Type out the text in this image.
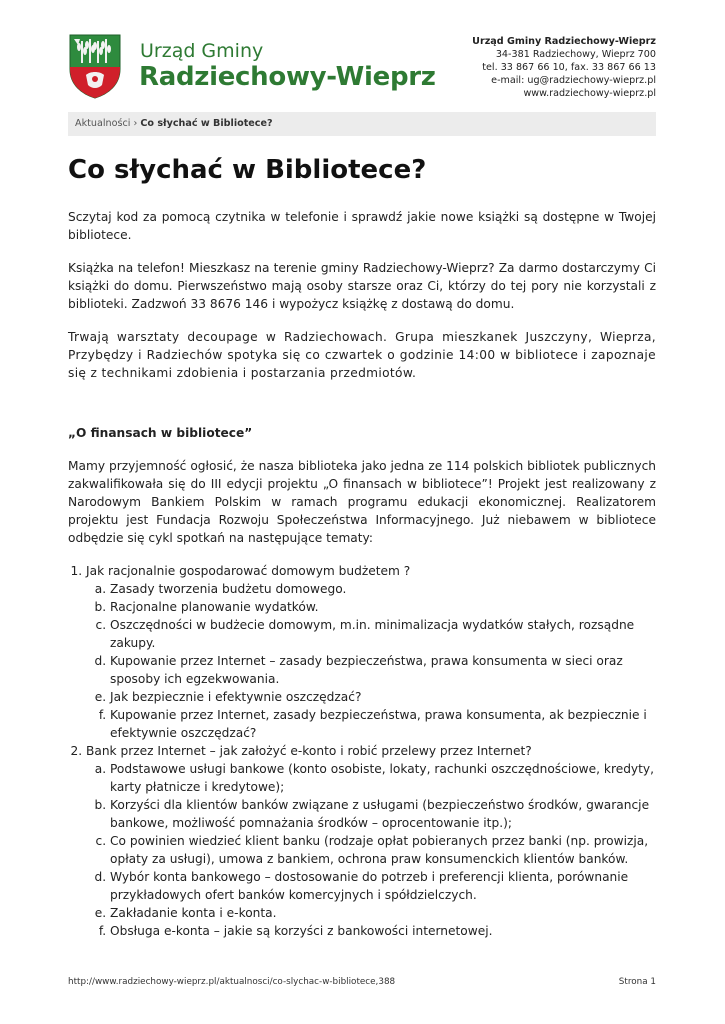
Urząd Gminy
Radziechowy-Wieprz
Urząd Gminy Radziechowy-Wieprz
34-381 Radziechowy, Wieprz 700
tel. 33 867 66 10, fax. 33 867 66 13
e-mail: ug@radziechowy-wieprz.pl
www.radziechowy-wieprz.pl
Aktualności › Co słychać w Bibliotece?
Co słychać w Bibliotece?

Sczytaj kod za pomocą czytnika w telefonie i sprawdź jakie nowe książki są dostępne w Twojej bibliotece.

Książka na telefon! Mieszkasz na terenie gminy Radziechowy-Wieprz? Za darmo dostarczymy Ci książki do domu. Pierwszeństwo mają osoby starsze oraz Ci, którzy do tej pory nie korzystali z biblioteki. Zadzwoń 33 8676 146 i wypożycz książkę z dostawą do domu.

Trwają warsztaty decoupage w Radziechowach. Grupa mieszkanek Juszczyny, Wieprza, Przybędzy i Radziechów spotyka się co czwartek o godzinie 14:00 w bibliotece i zapoznaje się z technikami zdobienia i postarzania przedmiotów.

„O finansach w bibliotece”

Mamy przyjemność ogłosić, że nasza biblioteka jako jedna ze 114 polskich bibliotek publicznych zakwalifikowała się do III edycji projektu „O finansach w bibliotece”! Projekt jest realizowany z Narodowym Bankiem Polskim w ramach programu edukacji ekonomicznej. Realizatorem projektu jest Fundacja Rozwoju Społeczeństwa Informacyjnego. Już niebawem w bibliotece odbędzie się cykl spotkań na następujące tematy:

1. Jak racjonalnie gospodarować domowym budżetem ?
a. Zasady tworzenia budżetu domowego.
b. Racjonalne planowanie wydatków.
c. Oszczędności w budżecie domowym, m.in. minimalizacja wydatków stałych, rozsądne zakupy.
d. Kupowanie przez Internet – zasady bezpieczeństwa, prawa konsumenta w sieci oraz sposoby ich egzekwowania.
e. Jak bezpiecznie i efektywnie oszczędzać?
f. Kupowanie przez Internet, zasady bezpieczeństwa, prawa konsumenta, ak bezpiecznie i efektywnie oszczędzać?
2. Bank przez Internet – jak założyć e-konto i robić przelewy przez Internet?
a. Podstawowe usługi bankowe (konto osobiste, lokaty, rachunki oszczędnościowe, kredyty, karty płatnicze i kredytowe);
b. Korzyści dla klientów banków związane z usługami (bezpieczeństwo środków, gwarancje bankowe, możliwość pomnażania środków – oprocentowanie itp.);
c. Co powinien wiedzieć klient banku (rodzaje opłat pobieranych przez banki (np. prowizja, opłaty za usługi), umowa z bankiem, ochrona praw konsumenckich klientów banków.
d. Wybór konta bankowego – dostosowanie do potrzeb i preferencji klienta, porównanie przykładowych ofert banków komercyjnych i spółdzielczych.
e. Zakładanie konta i e-konta.
f. Obsługa e-konta – jakie są korzyści z bankowości internetowej.
http://www.radziechowy-wieprz.pl/aktualnosci/co-slychac-w-bibliotece,388	Strona 1
